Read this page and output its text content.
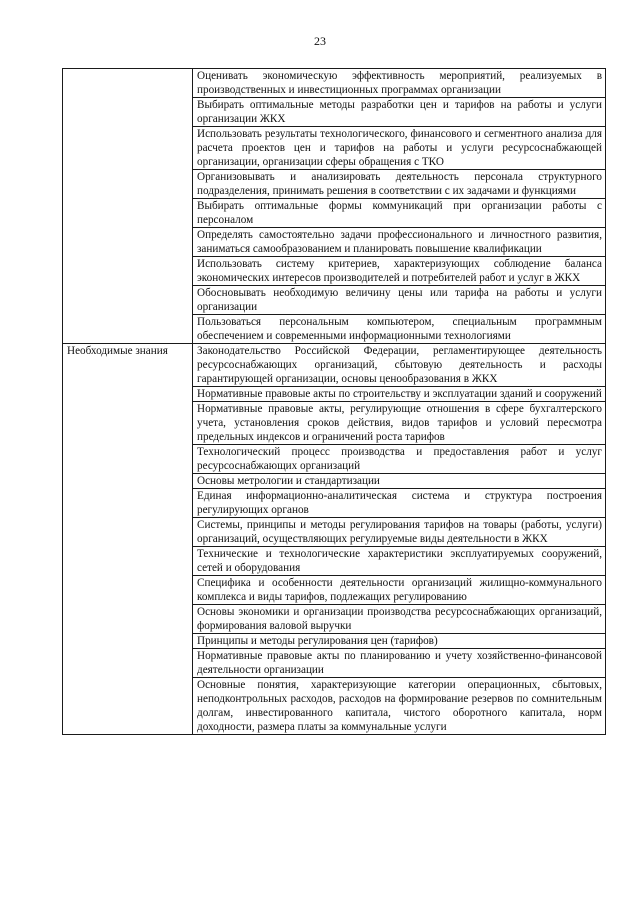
23
	Оценивать экономическую эффективность мероприятий, реализуемых в производственных и инвестиционных программах организации
	Выбирать оптимальные методы разработки цен и тарифов на работы и услуги организации ЖКХ
	Использовать результаты технологического, финансового и сегментного анализа для расчета проектов цен и тарифов на работы и услуги ресурсоснабжающей организации, организации сферы обращения с ТКО
	Организовывать и анализировать деятельность персонала структурного подразделения, принимать решения в соответствии с их задачами и функциями
	Выбирать оптимальные формы коммуникаций при организации работы с персоналом
	Определять самостоятельно задачи профессионального и личностного развития, заниматься самообразованием и планировать повышение квалификации
	Использовать систему критериев, характеризующих соблюдение баланса экономических интересов производителей и потребителей работ и услуг в ЖКХ
	Обосновывать необходимую величину цены или тарифа на работы и услуги организации
	Пользоваться персональным компьютером, специальным программным обеспечением и современными информационными технологиями
Необходимые знания	Законодательство Российской Федерации, регламентирующее деятельность ресурсоснабжающих организаций, сбытовую деятельность и расходы гарантирующей организации, основы ценообразования в ЖКХ
	Нормативные правовые акты по строительству и эксплуатации зданий и сооружений
	Нормативные правовые акты, регулирующие отношения в сфере бухгалтерского учета, установления сроков действия, видов тарифов и условий пересмотра предельных индексов и ограничений роста тарифов
	Технологический процесс производства и предоставления работ и услуг ресурсоснабжающих организаций
	Основы метрологии и стандартизации
	Единая информационно-аналитическая система и структура построения регулирующих органов
	Системы, принципы и методы регулирования тарифов на товары (работы, услуги) организаций, осуществляющих регулируемые виды деятельности в ЖКХ
	Технические и технологические характеристики эксплуатируемых сооружений, сетей и оборудования
	Специфика и особенности деятельности организаций жилищно-коммунального комплекса и виды тарифов, подлежащих регулированию
	Основы экономики и организации производства ресурсоснабжающих организаций, формирования валовой выручки
	Принципы и методы регулирования цен (тарифов)
	Нормативные правовые акты по планированию и учету хозяйственно-финансовой деятельности организации
	Основные понятия, характеризующие категории операционных, сбытовых, неподконтрольных расходов, расходов на формирование резервов по сомнительным долгам, инвестированного капитала, чистого оборотного капитала, норм доходности, размера платы за коммунальные услуги
